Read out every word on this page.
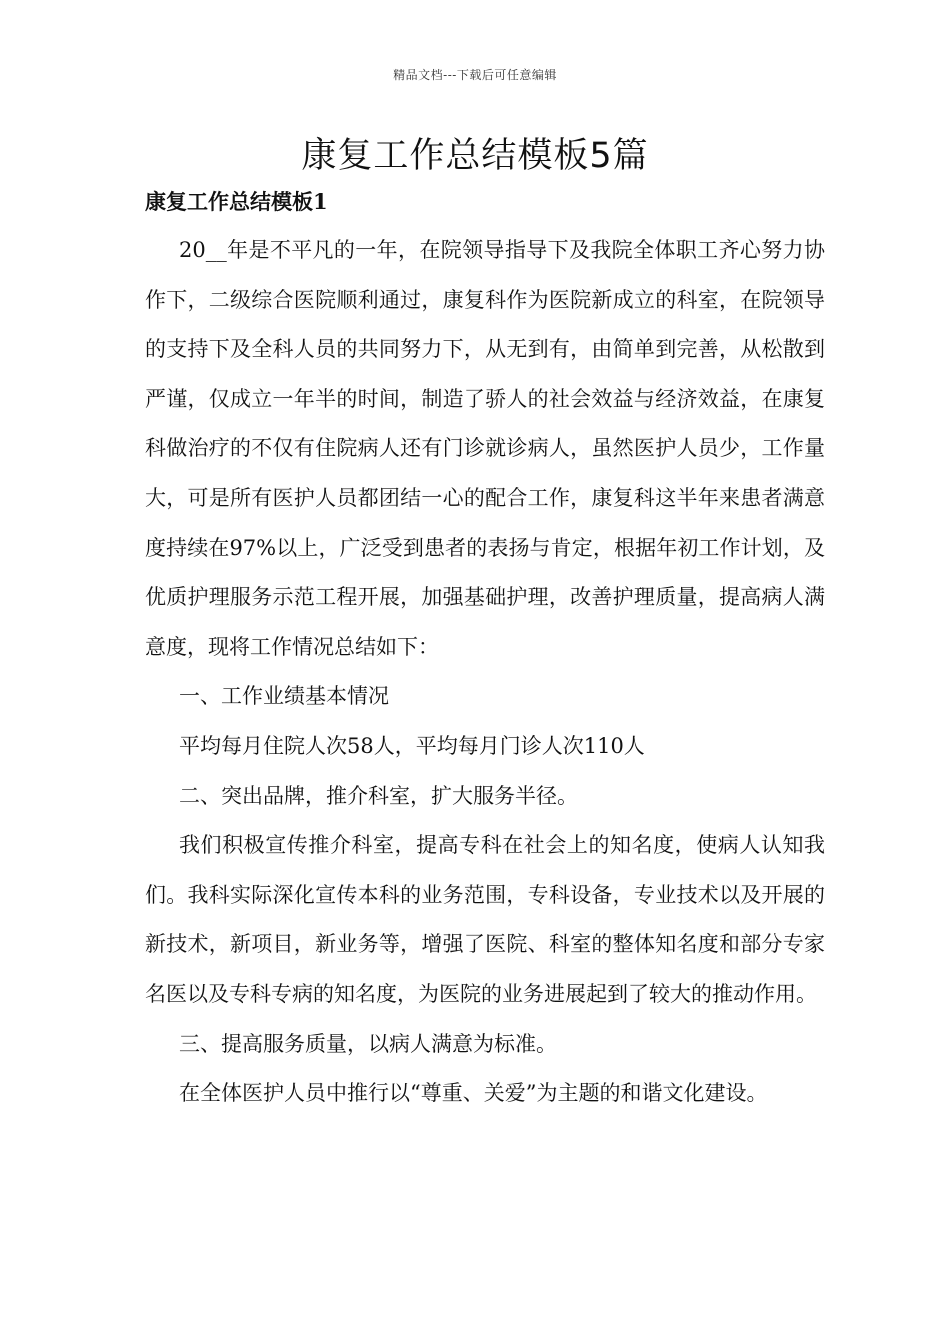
精品文档---下载后可任意编辑
康复工作总结模板5篇
康复工作总结模板1

20__年是不平凡的一年，在院领导指导下及我院全体职工齐心努力协作下，二级综合医院顺利通过，康复科作为医院新成立的科室，在院领导的支持下及全科人员的共同努力下，从无到有，由简单到完善，从松散到严谨，仅成立一年半的时间，制造了骄人的社会效益与经济效益，在康复科做治疗的不仅有住院病人还有门诊就诊病人，虽然医护人员少，工作量大，可是所有医护人员都团结一心的配合工作，康复科这半年来患者满意度持续在97%以上，广泛受到患者的表扬与肯定，根据年初工作计划，及优质护理服务示范工程开展，加强基础护理，改善护理质量，提高病人满意度，现将工作情况总结如下：

一、工作业绩基本情况

平均每月住院人次58人，平均每月门诊人次110人

二、突出品牌，推介科室，扩大服务半径。

我们积极宣传推介科室，提高专科在社会上的知名度，使病人认知我们。我科实际深化宣传本科的业务范围，专科设备，专业技术以及开展的新技术，新项目，新业务等，增强了医院、科室的整体知名度和部分专家名医以及专科专病的知名度，为医院的业务进展起到了较大的推动作用。

三、提高服务质量，以病人满意为标准。

在全体医护人员中推行以“尊重、关爱”为主题的和谐文化建设。
